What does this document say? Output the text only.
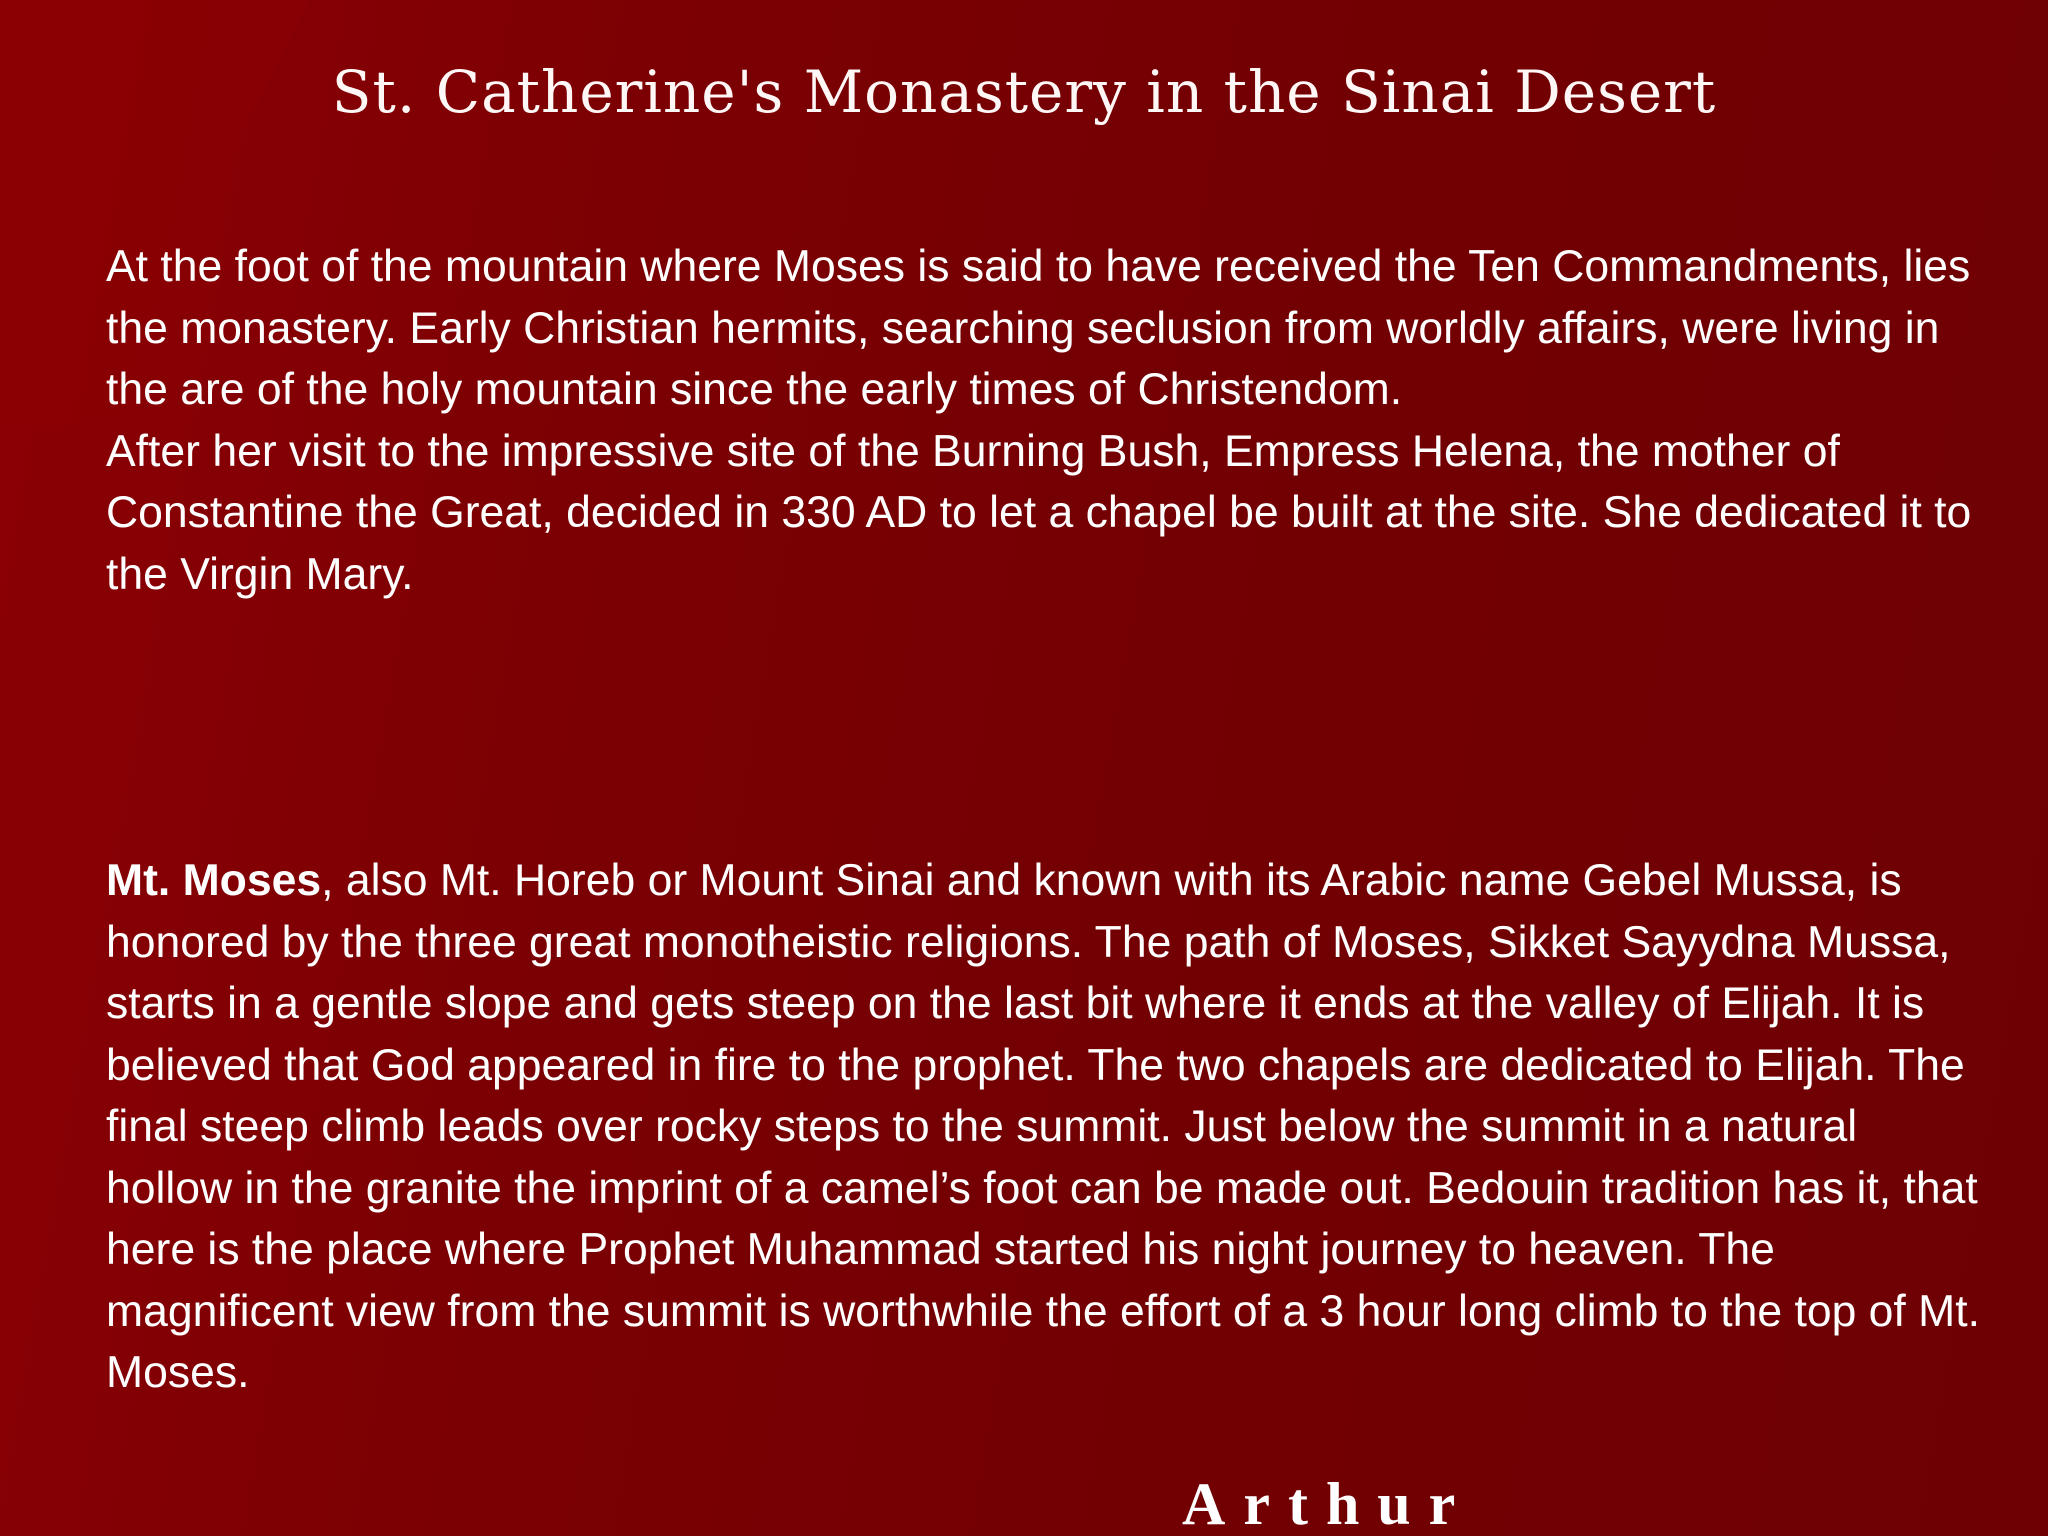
St. Catherine's Monastery in the Sinai Desert

At the foot of the mountain where Moses is said to have received the Ten Commandments, lies the monastery. Early Christian hermits, searching seclusion from worldly affairs, were living in the are of the holy mountain since the early times of Christendom.

After her visit to the impressive site of the Burning Bush, Empress Helena, the mother of Constantine the Great, decided in 330 AD to let a chapel be built at the site. She dedicated it to the Virgin Mary.

Mt. Moses, also Mt. Horeb or Mount Sinai and known with its Arabic name Gebel Mussa, is honored by the three great monotheistic religions. The path of Moses, Sikket Sayydna Mussa, starts in a gentle slope and gets steep on the last bit where it ends at the valley of Elijah. It is believed that God appeared in fire to the prophet. The two chapels are dedicated to Elijah. The final steep climb leads over rocky steps to the summit. Just below the summit in a natural hollow in the granite the imprint of a camel’s foot can be made out. Bedouin tradition has it, that here is the place where Prophet Muhammad started his night journey to heaven. The magnificent view from the summit is worthwhile the effort of a 3 hour long climb to the top of Mt. Moses.

Arthur
